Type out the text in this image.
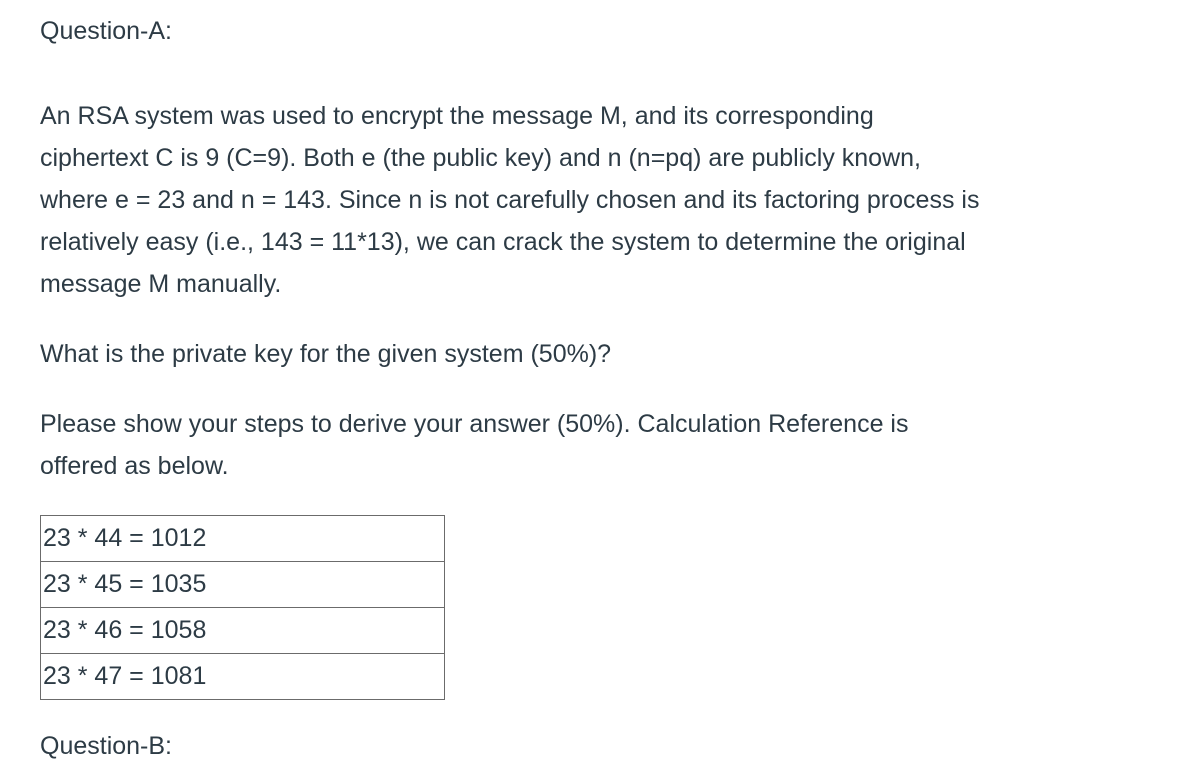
Question-A:

An RSA system was used to encrypt the message M, and its corresponding
ciphertext C is 9 (C=9). Both e (the public key) and n (n=pq) are publicly known,
where e = 23 and n = 143. Since n is not carefully chosen and its factoring process is
relatively easy (i.e., 143 = 11*13), we can crack the system to determine the original
message M manually.

What is the private key for the given system (50%)?

Please show your steps to derive your answer (50%). Calculation Reference is
offered as below.

23 * 44 = 1012
23 * 45 = 1035
23 * 46 = 1058
23 * 47 = 1081
Question-B:
